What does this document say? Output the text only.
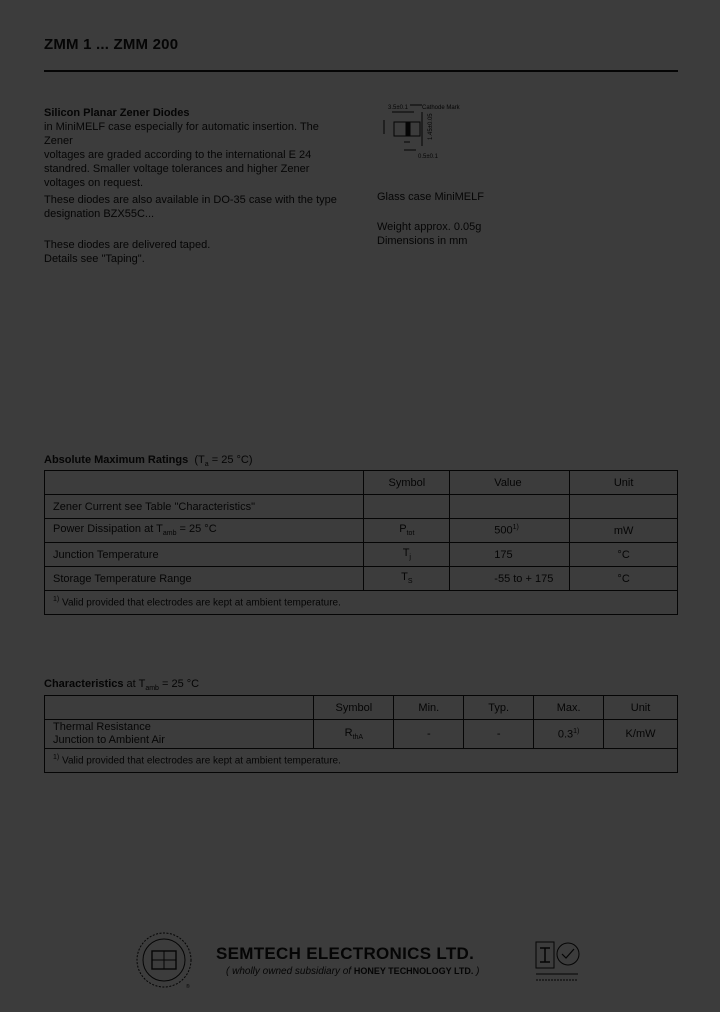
ZMM 1 ... ZMM 200
Silicon Planar Zener Diodes
in MiniMELF case especially for automatic insertion. The Zener
voltages are graded according to the international E 24
standred. Smaller voltage tolerances and higher Zener
voltages on request.
These diodes are also available in DO-35 case with the type
designation BZX55C...
These diodes are delivered taped.
Details see "Taping".
3.5±0.1 Cathode Mark
1.45±0.05
0.5±0.1
Glass case MiniMELF
Weight approx. 0.05g
Dimensions in mm
Absolute Maximum Ratings ($T_a = 25$ °C)
	Symbol	Value	Unit
Zener Current see Table "Characteristics"			
Power Dissipation at $T_{amb} = 25$ °C	$P_{tot}$	500$^{1)}$	mW
Junction Temperature	$T_j$	175	°C
Storage Temperature Range	$T_S$	-55 to + 175	°C
$^{1)}$ Valid provided that electrodes are kept at ambient temperature.			
Characteristics at $T_{amb} = 25$ °C
	Symbol	Min.	Typ.	Max.	Unit

Thermal Resistance
Junction to Ambient Air	$R_{thA}$	-	-	0.3$^{1)}$	K/mW
$^{1)}$ Valid provided that electrodes are kept at ambient temperature.					
®
SEMTECH ELECTRONICS LTD.
( wholly owned subsidiary of HONEY TECHNOLOGY LTD. )
